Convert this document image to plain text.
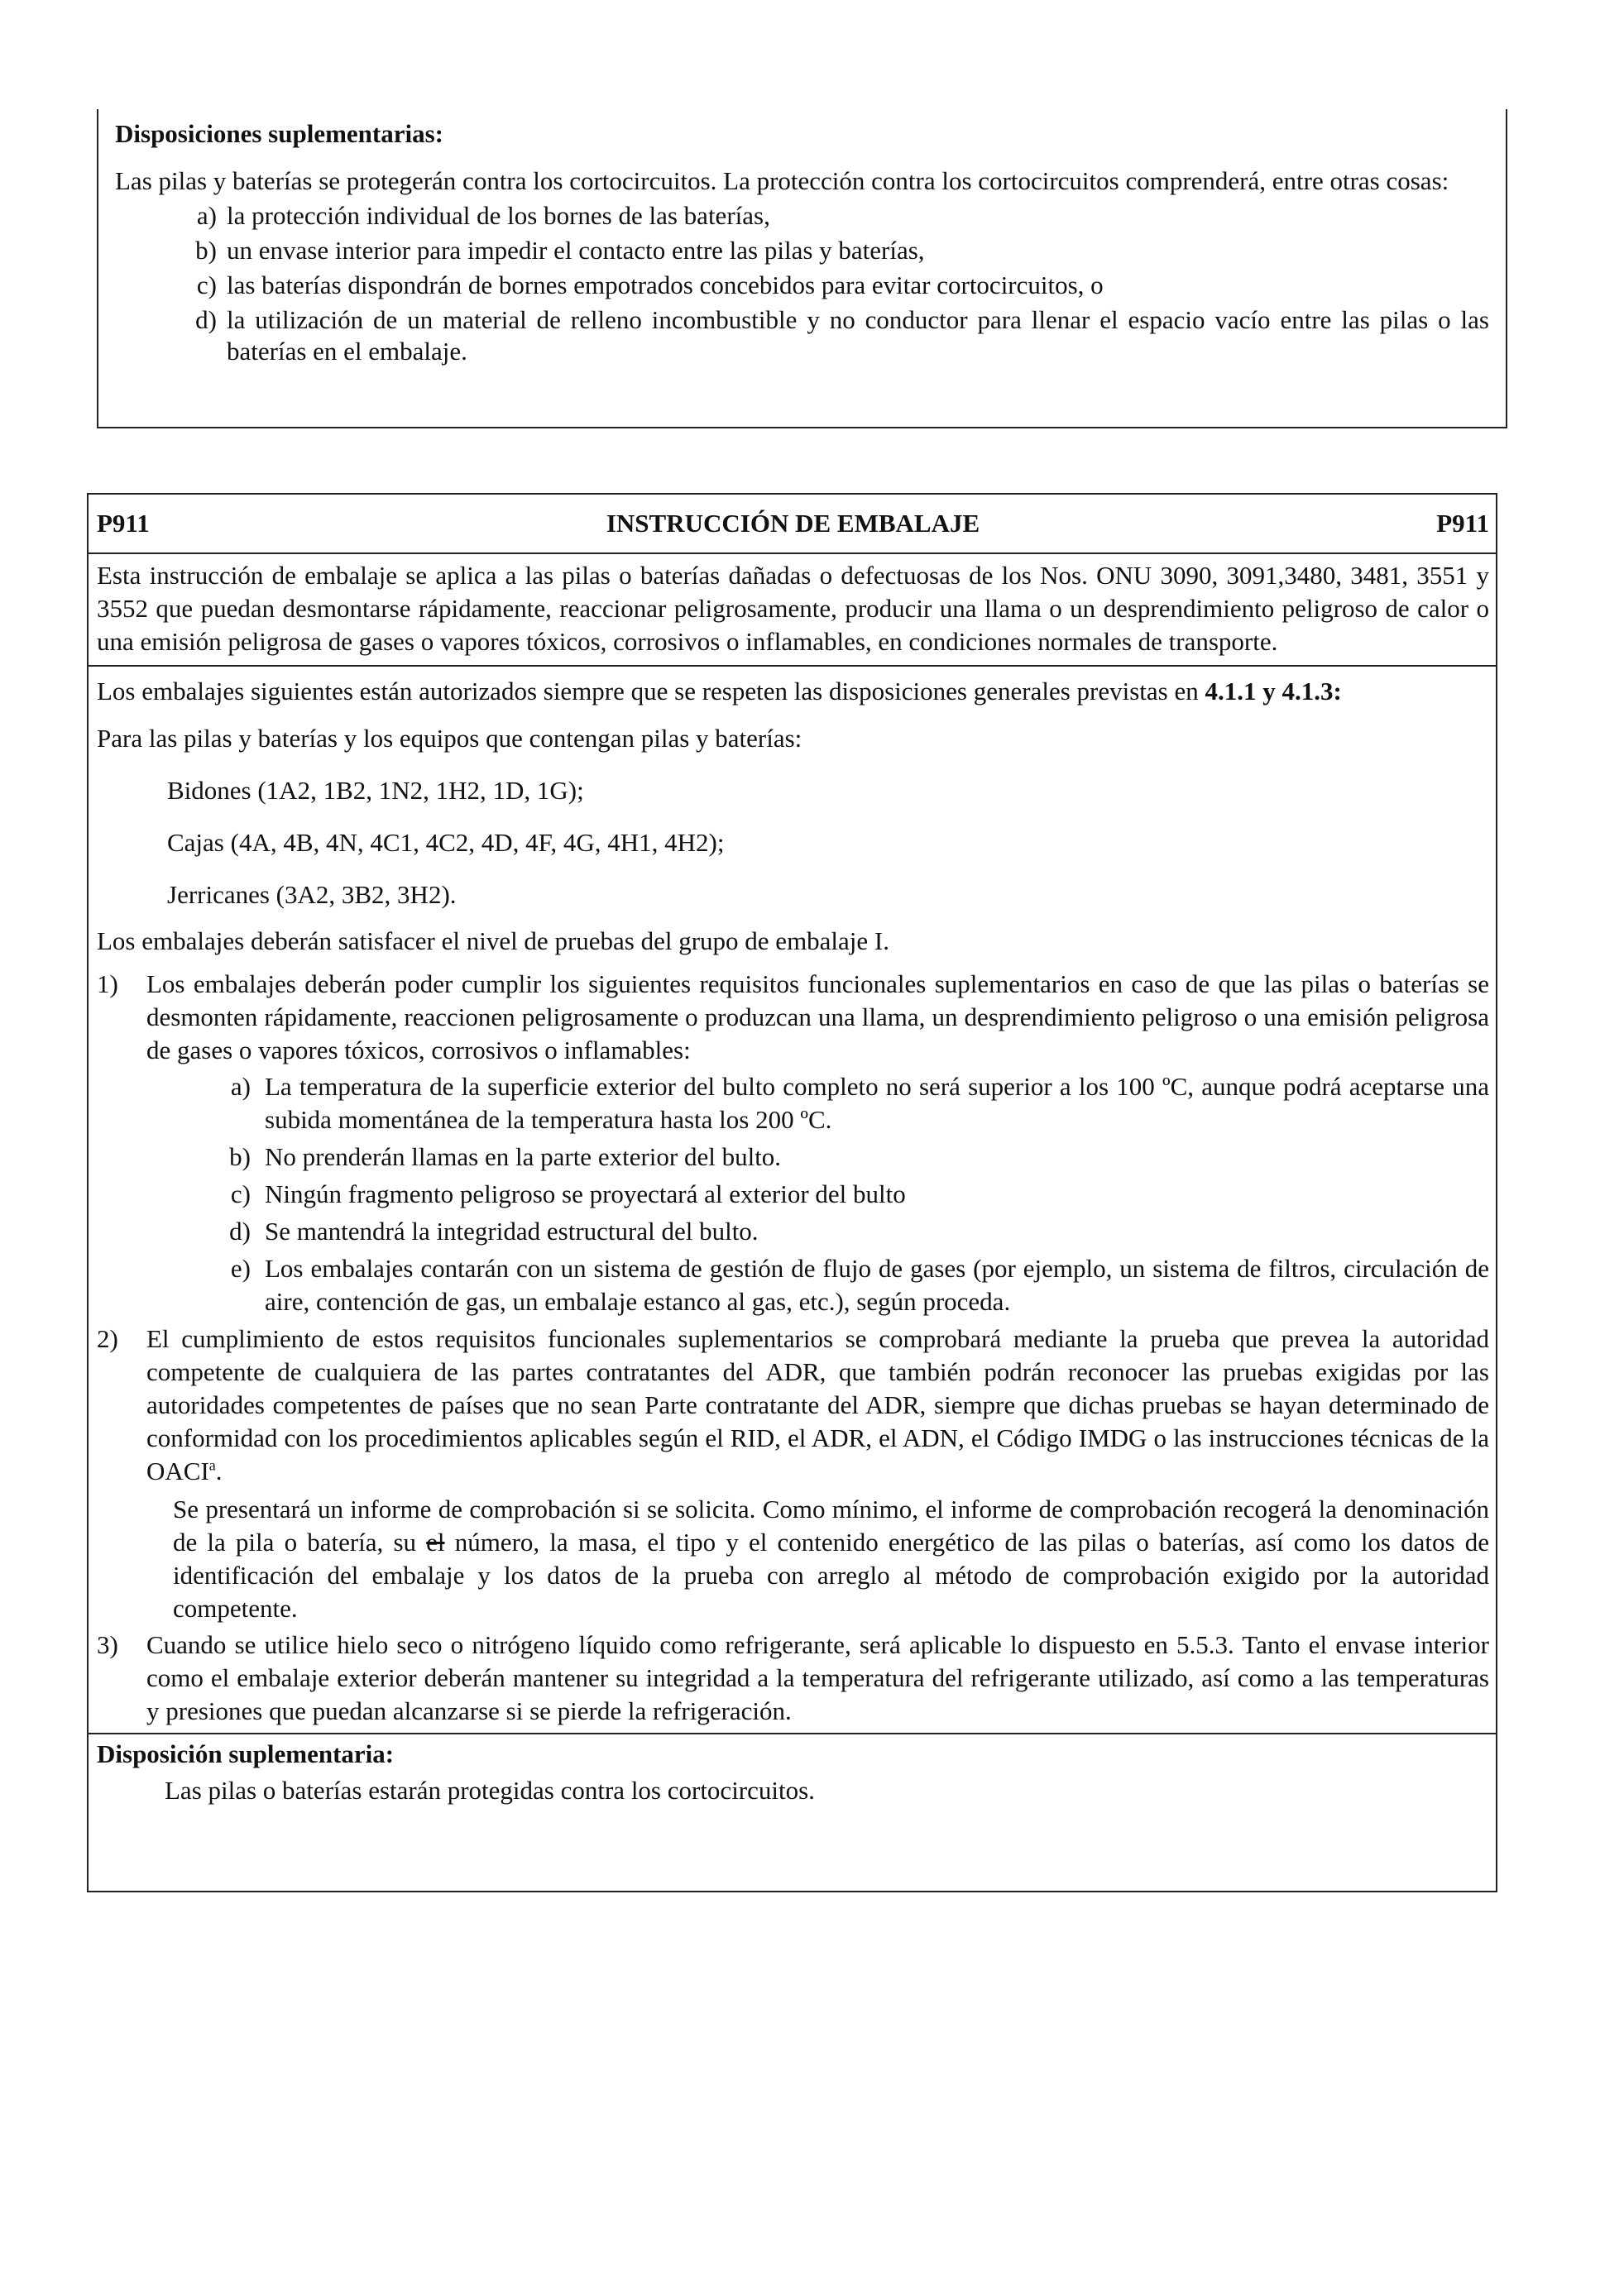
Disposiciones suplementarias:

Las pilas y baterías se protegerán contra los cortocircuitos. La protección contra los cortocircuitos comprenderá, entre otras cosas:

a) la protección individual de los bornes de las baterías,
b) un envase interior para impedir el contacto entre las pilas y baterías,
c) las baterías dispondrán de bornes empotrados concebidos para evitar cortocircuitos, o
d) la utilización de un material de relleno incombustible y no conductor para llenar el espacio vacío entre las pilas o las baterías en el embalaje.
P911	INSTRUCCIÓN DE EMBALAJE	P911

Esta instrucción de embalaje se aplica a las pilas o baterías dañadas o defectuosas de los Nos. ONU 3090, 3091,3480, 3481, 3551 y 3552 que puedan desmontarse rápidamente, reaccionar peligrosamente, producir una llama o un desprendimiento peligroso de calor o una emisión peligrosa de gases o vapores tóxicos, corrosivos o inflamables, en condiciones normales de transporte.

Los embalajes siguientes están autorizados siempre que se respeten las disposiciones generales previstas en 4.1.1 y 4.1.3:

Para las pilas y baterías y los equipos que contengan pilas y baterías:

Bidones (1A2, 1B2, 1N2, 1H2, 1D, 1G);

Cajas (4A, 4B, 4N, 4C1, 4C2, 4D, 4F, 4G, 4H1, 4H2);

Jerricanes (3A2, 3B2, 3H2).

Los embalajes deberán satisfacer el nivel de pruebas del grupo de embalaje I.

1)	Los embalajes deberán poder cumplir los siguientes requisitos funcionales suplementarios en caso de que las pilas o baterías se desmonten rápidamente, reaccionen peligrosamente o produzcan una llama, un desprendimiento peligroso o una emisión peligrosa de gases o vapores tóxicos, corrosivos o inflamables:
a) La temperatura de la superficie exterior del bulto completo no será superior a los 100 ºC, aunque podrá aceptarse una subida momentánea de la temperatura hasta los 200 ºC.
b) No prenderán llamas en la parte exterior del bulto.
c) Ningún fragmento peligroso se proyectará al exterior del bulto
d) Se mantendrá la integridad estructural del bulto.
e) Los embalajes contarán con un sistema de gestión de flujo de gases (por ejemplo, un sistema de filtros, circulación de aire, contención de gas, un embalaje estanco al gas, etc.), según proceda.
2)	El cumplimiento de estos requisitos funcionales suplementarios se comprobará mediante la prueba que prevea la autoridad competente de cualquiera de las partes contratantes del ADR, que también podrán reconocer las pruebas exigidas por las autoridades competentes de países que no sean Parte contratante del ADR, siempre que dichas pruebas se hayan determinado de conformidad con los procedimientos aplicables según el RID, el ADR, el ADN, el Código IMDG o las instrucciones técnicas de la OACI$^a$.

Se presentará un informe de comprobación si se solicita. Como mínimo, el informe de comprobación recogerá la denominación de la pila o batería, su el número, la masa, el tipo y el contenido energético de las pilas o baterías, así como los datos de identificación del embalaje y los datos de la prueba con arreglo al método de comprobación exigido por la autoridad competente.

3)	Cuando se utilice hielo seco o nitrógeno líquido como refrigerante, será aplicable lo dispuesto en 5.5.3. Tanto el envase interior como el embalaje exterior deberán mantener su integridad a la temperatura del refrigerante utilizado, así como a las temperaturas y presiones que puedan alcanzarse si se pierde la refrigeración.

Disposición suplementaria:

Las pilas o baterías estarán protegidas contra los cortocircuitos.
